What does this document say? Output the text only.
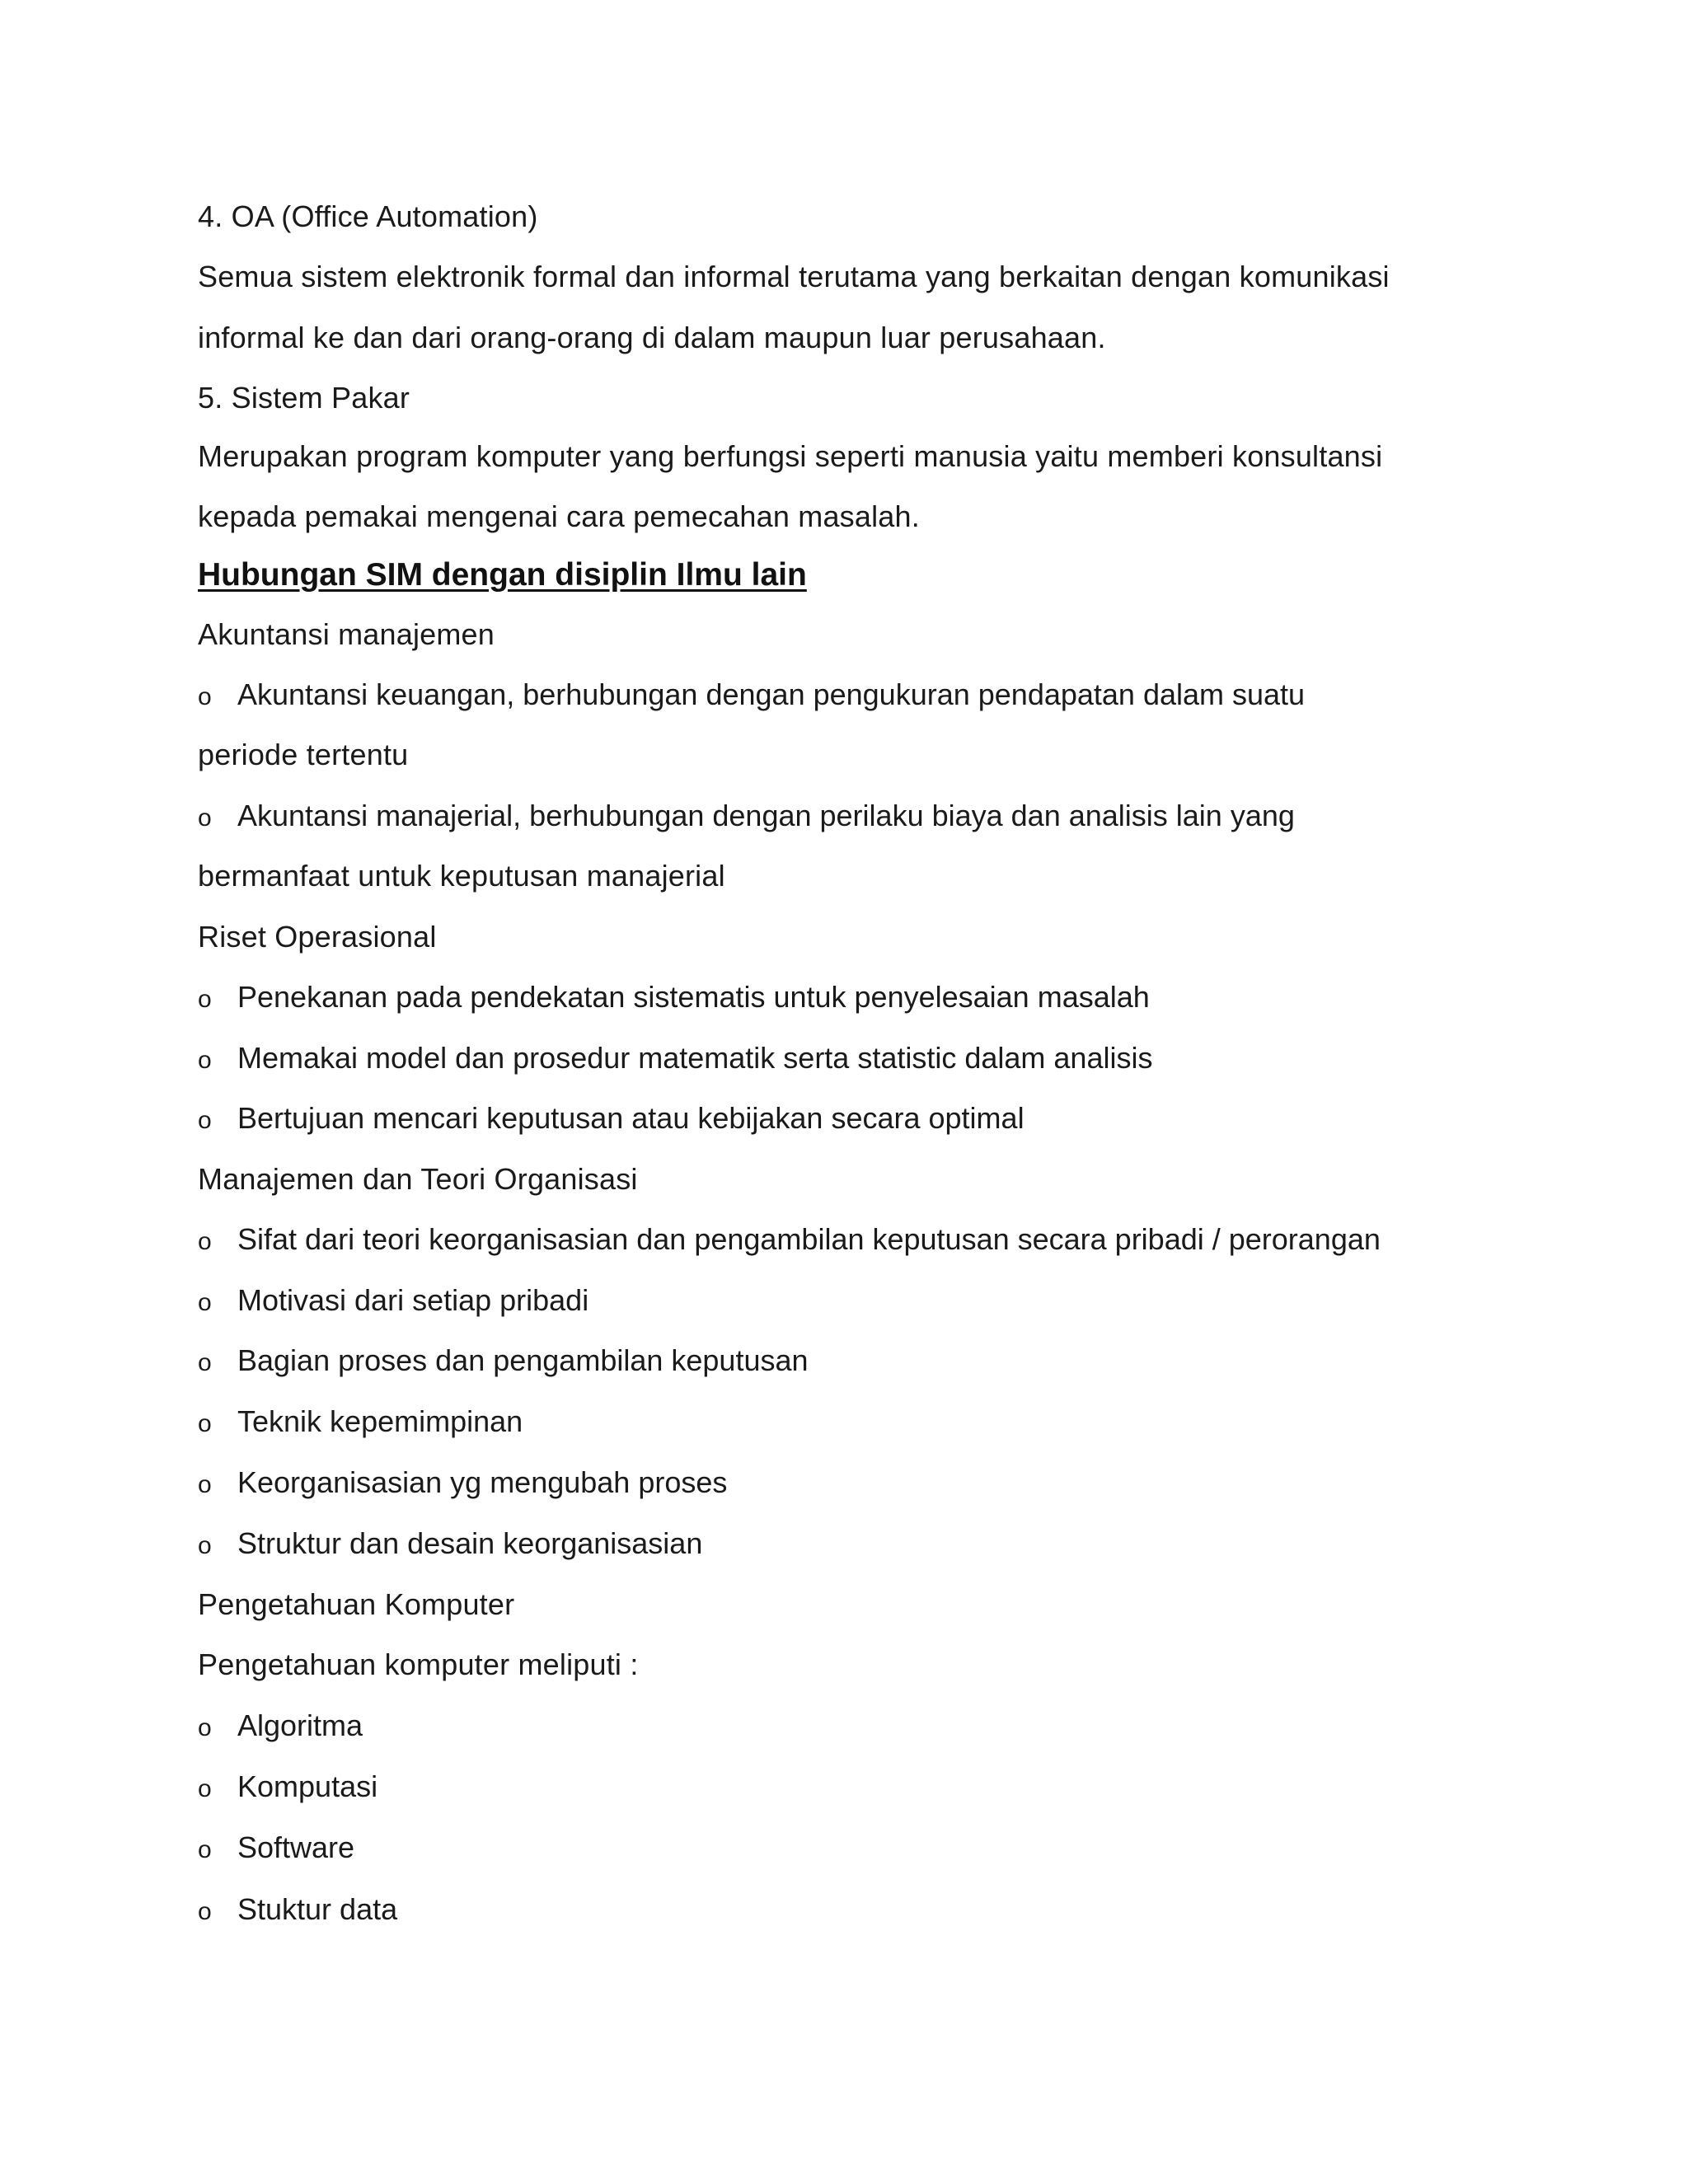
4. OA (Office Automation)
Semua sistem elektronik formal dan informal terutama yang berkaitan dengan komunikasi
informal ke dan dari orang-orang di dalam maupun luar perusahaan.
5. Sistem Pakar
Merupakan program komputer yang berfungsi seperti manusia yaitu memberi konsultansi
kepada pemakai mengenai cara pemecahan masalah.
Hubungan SIM dengan disiplin Ilmu lain
Akuntansi manajemen
o Akuntansi keuangan, berhubungan dengan pengukuran pendapatan dalam suatu
periode tertentu
o Akuntansi manajerial, berhubungan dengan perilaku biaya dan analisis lain yang
bermanfaat untuk keputusan manajerial
Riset Operasional
o Penekanan pada pendekatan sistematis untuk penyelesaian masalah
o Memakai model dan prosedur matematik serta statistic dalam analisis
o Bertujuan mencari keputusan atau kebijakan secara optimal
Manajemen dan Teori Organisasi
o Sifat dari teori keorganisasian dan pengambilan keputusan secara pribadi / perorangan
o Motivasi dari setiap pribadi
o Bagian proses dan pengambilan keputusan
o Teknik kepemimpinan
o Keorganisasian yg mengubah proses
o Struktur dan desain keorganisasian
Pengetahuan Komputer
Pengetahuan komputer meliputi :
o Algoritma
o Komputasi
o Software
o Stuktur data
